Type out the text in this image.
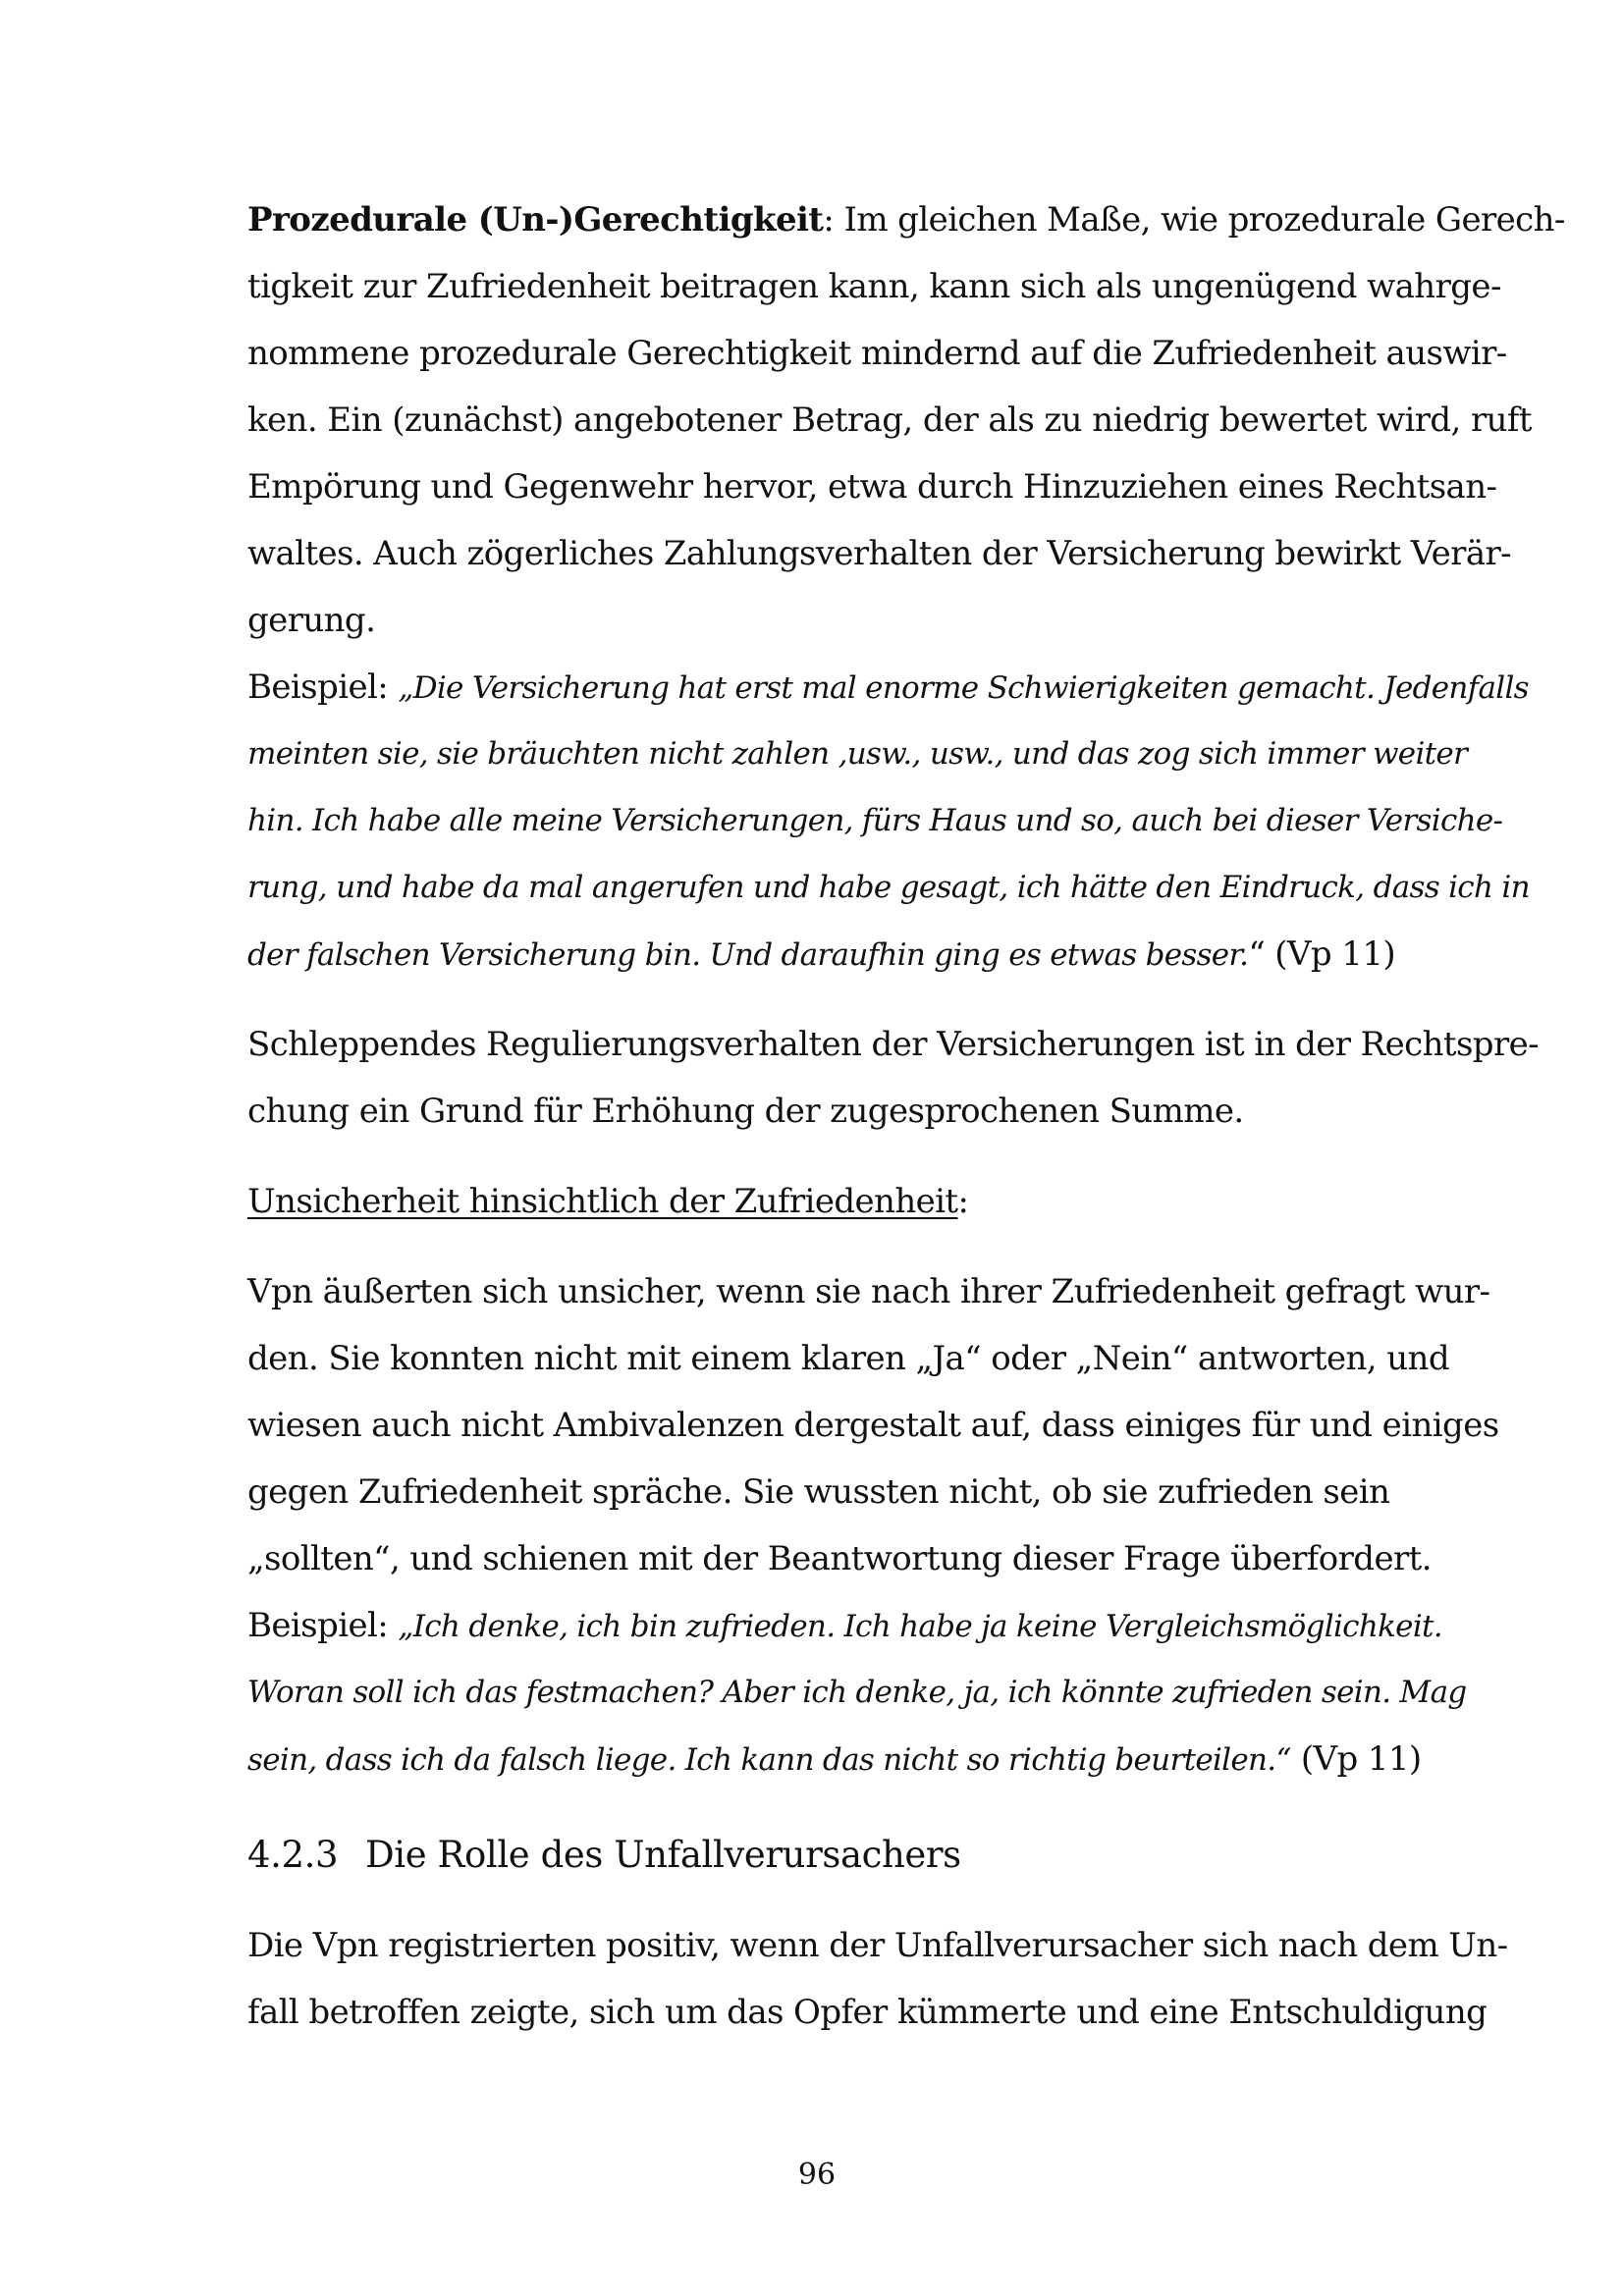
Prozedurale (Un-)Gerechtigkeit: Im gleichen Maße, wie prozedurale Gerech-
tigkeit zur Zufriedenheit beitragen kann, kann sich als ungenügend wahrge-
nommene prozedurale Gerechtigkeit mindernd auf die Zufriedenheit auswir-
ken. Ein (zunächst) angebotener Betrag, der als zu niedrig bewertet wird, ruft
Empörung und Gegenwehr hervor, etwa durch Hinzuziehen eines Rechtsan-
waltes. Auch zögerliches Zahlungsverhalten der Versicherung bewirkt Verär-
gerung.
Beispiel: „Die Versicherung hat erst mal enorme Schwierigkeiten gemacht. Jedenfalls
meinten sie, sie bräuchten nicht zahlen ,usw., usw., und das zog sich immer weiter
hin. Ich habe alle meine Versicherungen, fürs Haus und so, auch bei dieser Versiche-
rung, und habe da mal angerufen und habe gesagt, ich hätte den Eindruck, dass ich in
der falschen Versicherung bin. Und daraufhin ging es etwas besser.“ (Vp 11)
Schleppendes Regulierungsverhalten der Versicherungen ist in der Rechtspre-
chung ein Grund für Erhöhung der zugesprochenen Summe.
Unsicherheit hinsichtlich der Zufriedenheit:
Vpn äußerten sich unsicher, wenn sie nach ihrer Zufriedenheit gefragt wur-
den. Sie konnten nicht mit einem klaren „Ja“ oder „Nein“ antworten, und
wiesen auch nicht Ambivalenzen dergestalt auf, dass einiges für und einiges
gegen Zufriedenheit spräche. Sie wussten nicht, ob sie zufrieden sein
„sollten“, und schienen mit der Beantwortung dieser Frage überfordert.
Beispiel: „Ich denke, ich bin zufrieden. Ich habe ja keine Vergleichsmöglichkeit.
Woran soll ich das festmachen? Aber ich denke, ja, ich könnte zufrieden sein. Mag
sein, dass ich da falsch liege. Ich kann das nicht so richtig beurteilen.“ (Vp 11)
4.2.3 Die Rolle des Unfallverursachers
Die Vpn registrierten positiv, wenn der Unfallverursacher sich nach dem Un-
fall betroffen zeigte, sich um das Opfer kümmerte und eine Entschuldigung
96
